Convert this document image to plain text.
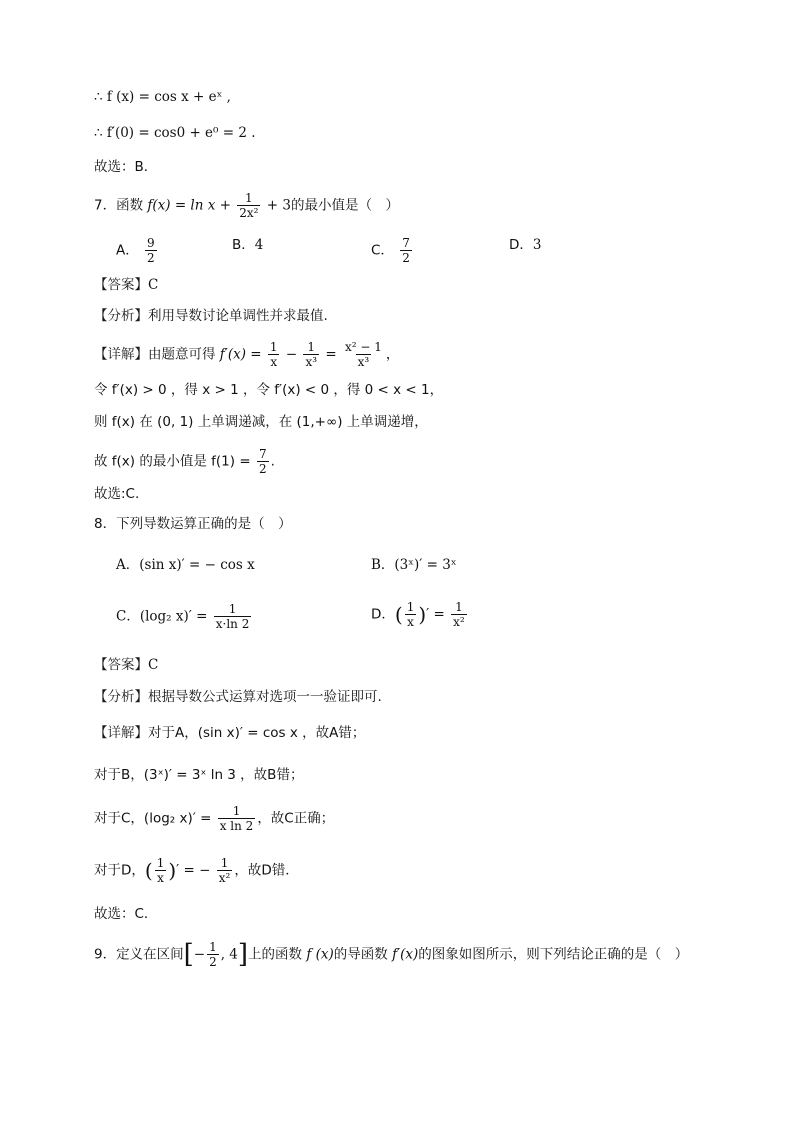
∴ f (x) = cos x + eˣ ,
∴ f′(0) = cos0 + e⁰ = 2 .
故选：B．
7．函数 $f(x) = \ln x + \frac{1}{\text{2x²}} + 3$的最小值是（　）
A． $\frac{9}{2}$	B．4	C． $\frac{7}{2}$	D．3
【答案】C
【分析】利用导数讨论单调性并求最值.
【详解】由题意可得 $f'(x) = \frac{1}{x} - \frac{1}{\text{x³}} = \frac{\text{x² − 1}}{\text{x³}}$ ，
令 f′(x) > 0 ，得 x > 1 ，令 f′(x) < 0 ，得 0 < x < 1，
则 f(x) 在 (0, 1) 上单调递减，在 (1,+∞) 上单调递增，
故 f(x) 的最小值是 $f(1) = \frac{7}{2}$ .
故选:C.
8．下列导数运算正确的是（　）
A．(sin x)′ = − cos x	B．(3ˣ)′ = 3ˣ
C．(log₂ $x)' = \frac{1}{x\cdot\ln 2}$	D．( $\frac{1}{x}$ )′ = $\frac{1}{\text{x²}}$
【答案】C
【分析】根据导数公式运算对选项一一验证即可.
【详解】对于A，(sin x)′ = cos x ，故A错；
对于B，(3ˣ)′ = 3ˣ ln 3 ，故B错；
对于C，(log₂ $x)' = \frac{1}{\text{x ln 2}}$ ，故C正确；
对于D，( $\frac{1}{x}$ )′ = − $\frac{1}{\text{x²}}$ ，故D错．
故选：C．
9．定义在区间[− $\frac{1}{2}$ , 4]上的函数 f (x)的导函数 f′(x)的图象如图所示，则下列结论正确的是（　）
